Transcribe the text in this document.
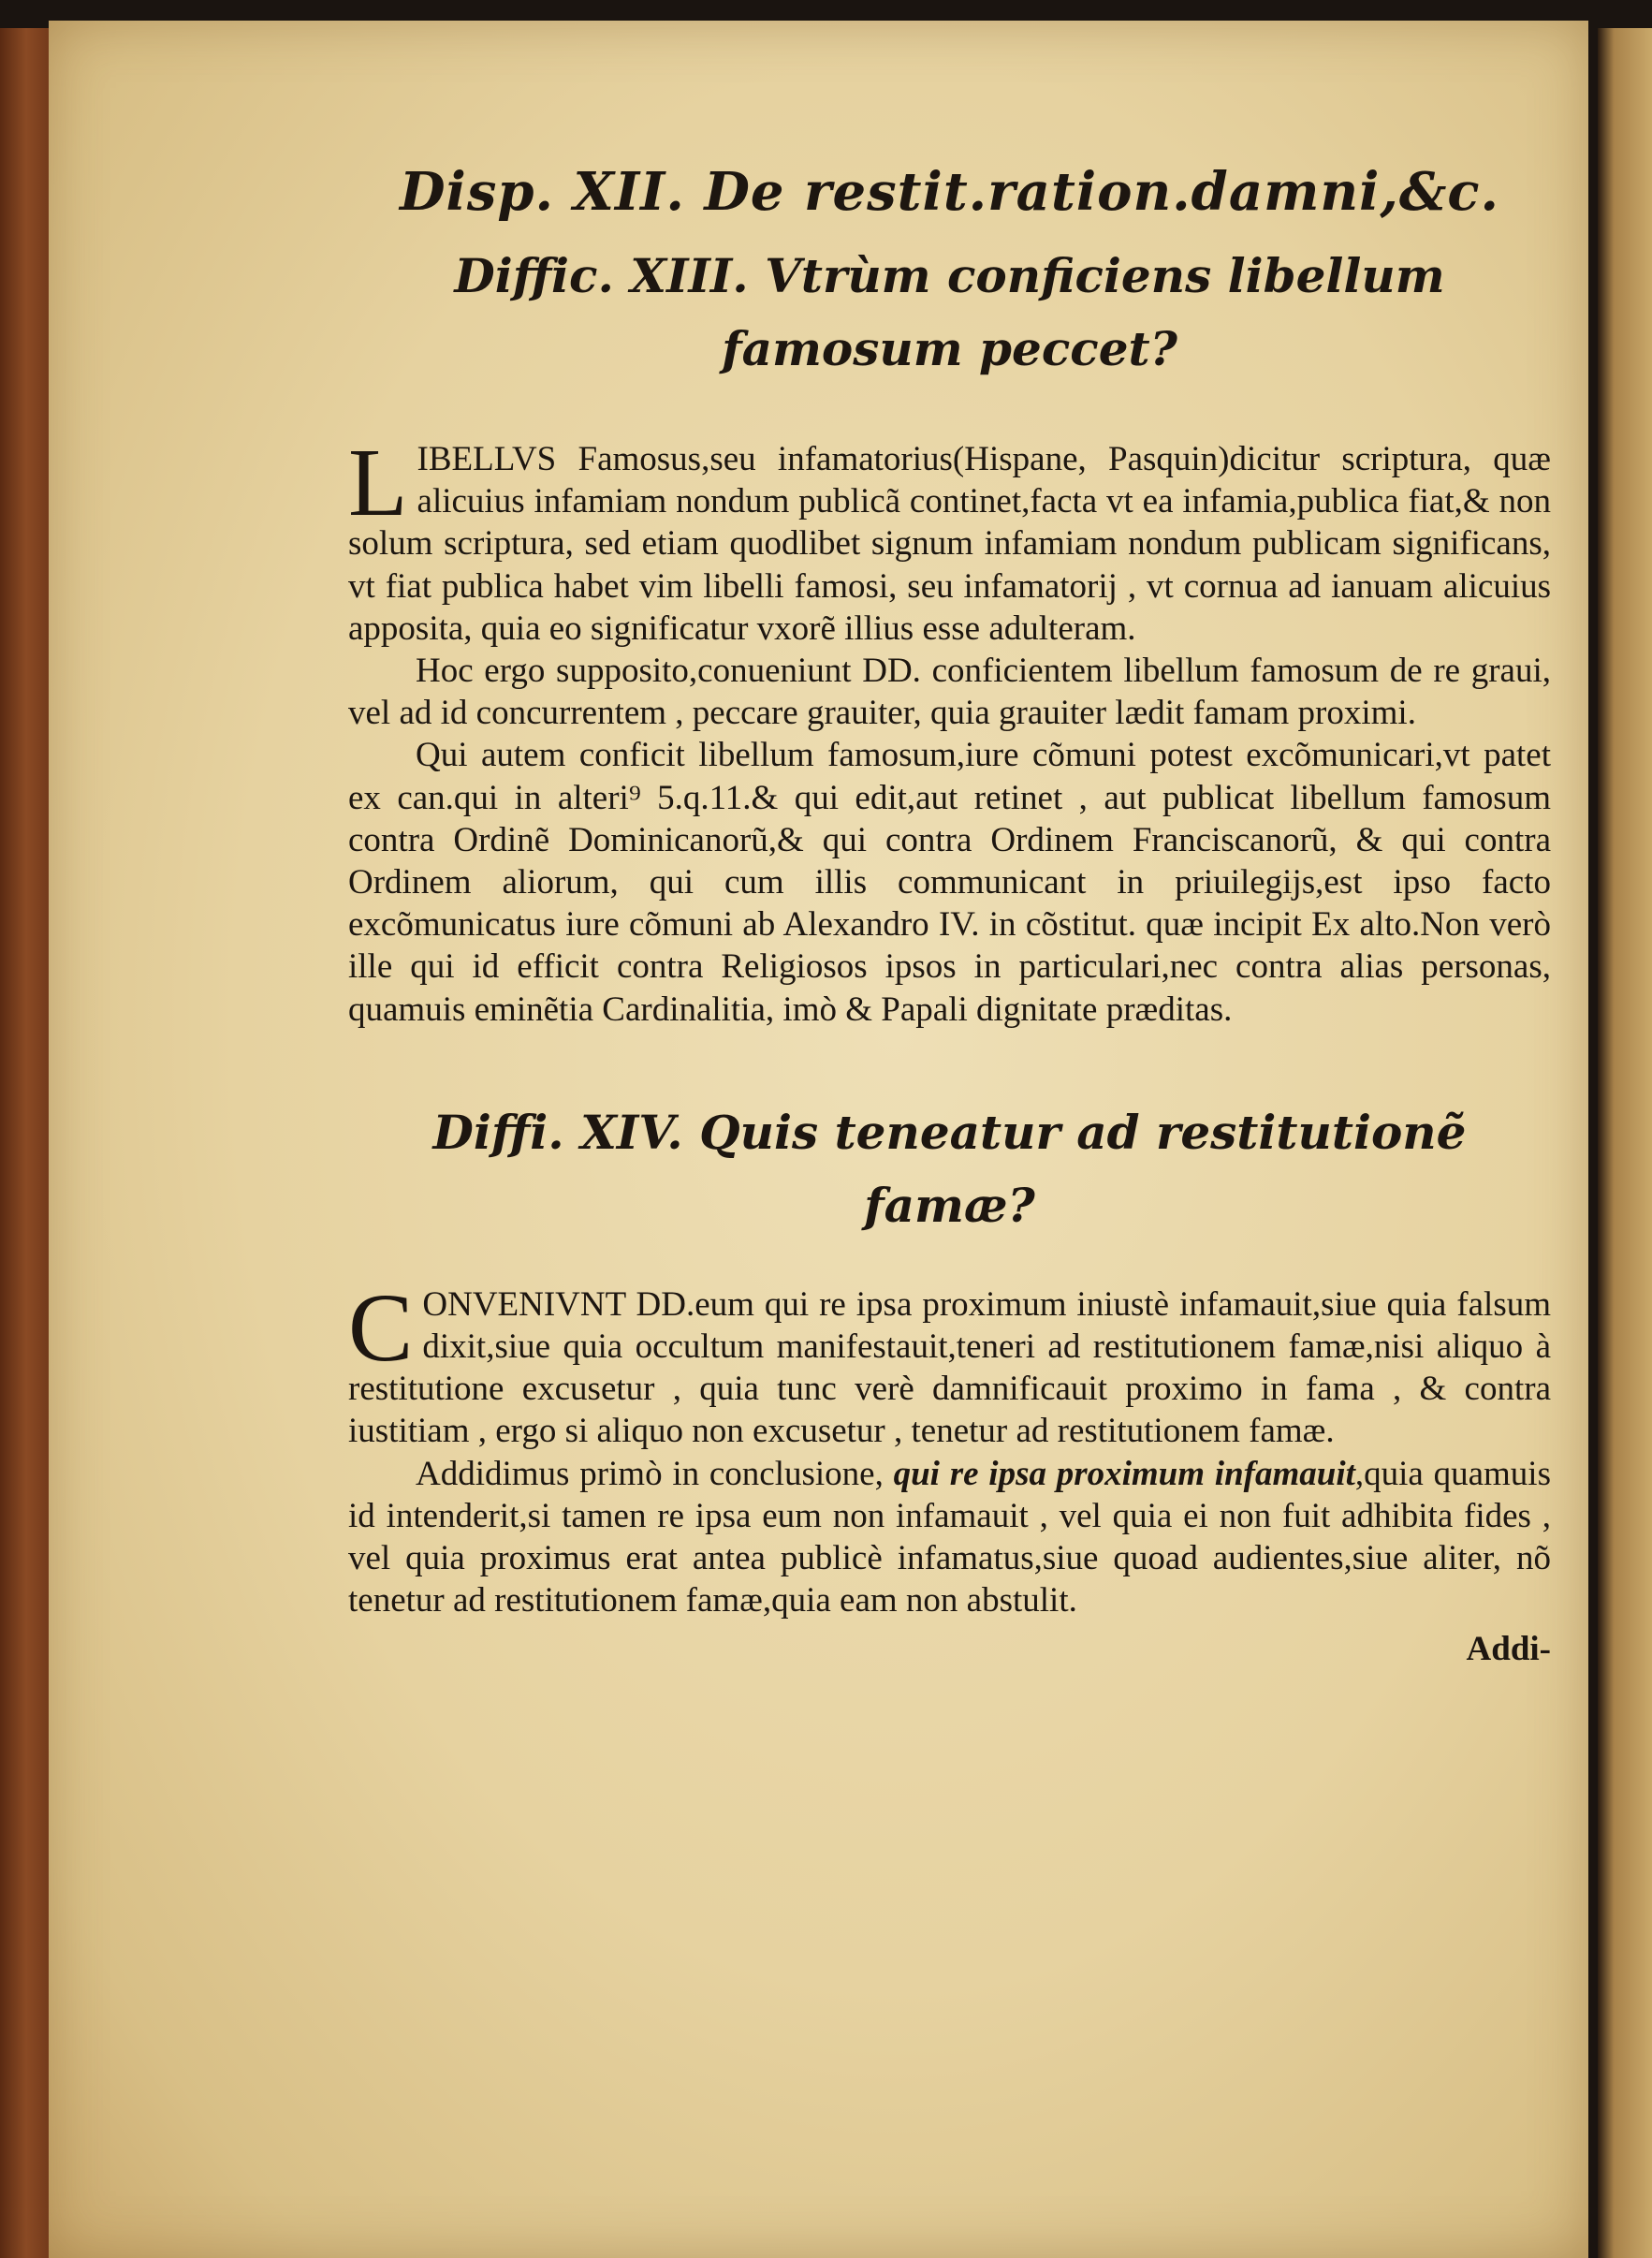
Disp. XII. De restit.ration.damni,&c.
Diffic. XIII. Vtrùm conficiens libellum famosum peccet?

LIBELLVS Famosus,seu infamatorius(Hispane, Pasquin)dicitur scriptura, quæ alicuius infamiam nondum publicã continet,facta vt ea infamia,publica fiat,& non solum scriptura, sed etiam quodlibet signum infamiam nondum publicam significans, vt fiat publica habet vim libelli famosi, seu infamatorij , vt cornua ad ianuam alicuius apposita, quia eo significatur vxorẽ illius esse adulteram.

Hoc ergo supposito,conueniunt DD. conficientem libellum famosum de re graui, vel ad id concurrentem , peccare grauiter, quia grauiter lædit famam proximi.

Qui autem conficit libellum famosum,iure cõmuni potest excõmunicari,vt patet ex can.qui in alteri⁹ 5.q.11.& qui edit,aut retinet , aut publicat libellum famosum contra Ordinẽ Dominicanorũ,& qui contra Ordinem Franciscanorũ, & qui contra Ordinem aliorum, qui cum illis communicant in priuilegijs,est ipso facto excõmunicatus iure cõmuni ab Alexandro IV. in cõstitut. quæ incipit Ex alto.Non verò ille qui id efficit contra Religiosos ipsos in particulari,nec contra alias personas, quamuis eminẽtia Cardinalitia, imò & Papali dignitate præditas.

Diffi. XIV. Quis teneatur ad restitutionẽ famæ?

CONVENIVNT DD.eum qui re ipsa proximum iniustè infamauit,siue quia falsum dixit,siue quia occultum manifestauit,teneri ad restitutionem famæ,nisi aliquo à restitutione excusetur , quia tunc verè damnificauit proximo in fama , & contra iustitiam , ergo si aliquo non excusetur , tenetur ad restitutionem famæ.

Addidimus primò in conclusione, qui re ipsa proximum infamauit,quia quamuis id intenderit,si tamen re ipsa eum non infamauit , vel quia ei non fuit adhibita fides , vel quia proximus erat antea publicè infamatus,siue quoad audientes,siue aliter, nõ tenetur ad restitutionem famæ,quia eam non abstulit.

Addi-
